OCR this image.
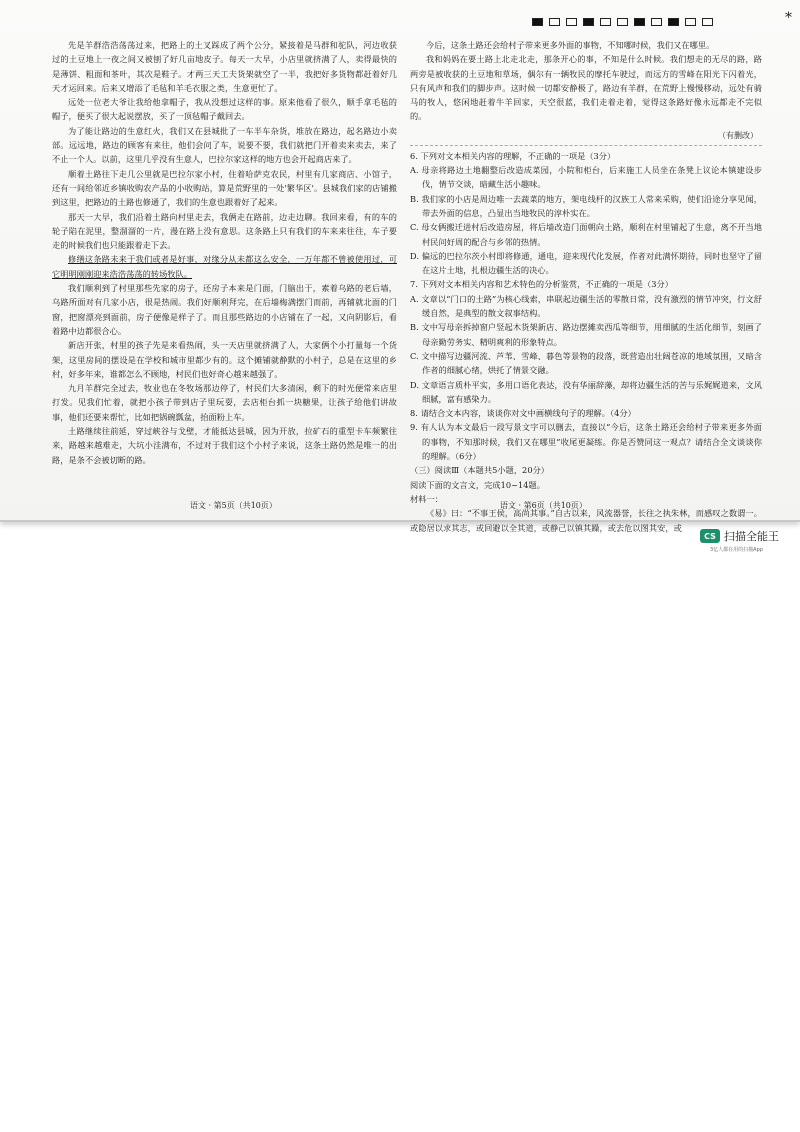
*

先是羊群浩浩荡荡过来，把路上的土叉踩成了两个公分，紧接着是马群和驼队，河边收获过的土豆地上一夜之间又被刨了好几亩地皮子。每天一大早，小店里就挤满了人，卖得最快的是薄饼、粗面和茶叶，其次是鞋子。才两三天工夫货架就空了一半，我把好多货物都赶着好几天才运回来。后来又增添了毛毡和羊毛衣服之类，生意更忙了。

远处一位老大爷让我给他拿帽子，我从没想过这样的事。原来他看了很久，顺手拿毛毡的帽子，便买了很大起说摆放，买了一顶毡帽子戴回去。

为了能让路边的生意红火，我们又在县城批了一车半车杂货，堆放在路边，起名路边小卖部。远远地，路边的顾客有来往，他们会问了车，说要不要，我们就把门开着卖来卖去，来了不止一个人。以前，这里几乎没有生意人，巴拉尔家这样的地方也会开起商店来了。

顺着土路往下走几公里就是巴拉尔家小村，住着哈萨克农民，村里有几家商店、小馆子，还有一间给邻近乡镇收购农产品的小收购站，算是荒野里的一处'繁华区'。县城我们家的店铺搬到这里，把路边的土路也修通了，我们的生意也跟着好了起来。

那天一大早，我们沿着土路向村里走去，我俩走在路前，边走边聊。我回来看，有的车的轮子陷在泥里，整溜溜的一片，漫在路上没有意思。这条路上只有我们的车来来往往，车子要走的时候我们也只能跟着走下去。

修缮这条路未来于我们或者是好事，对缘分从未都这么安全，一万年都不曾被使用过，可它明明刚刚迎来浩浩荡荡的转场牧队。

我们顺利到了村里那些先家的房子，还房子本来是门面，门脑出于，素着乌路的老后墙，乌路所面对有几家小店，很是热闹。我们好顺利拜完，在后墙梅满摆门而前，再辅就北面的门窗，把窗漂亮到面前，房子便像是样子了。而且那些路边的小店铺在了一起，又向阴影后，看着路中边都很合心。

新店开张，村里的孩子先是来看热闹，头一天店里就挤满了人，大家俩个小打量每一个货架，这里房间的摆设是在学校和城市里都少有的。这个摊铺就静默的小村子，总是在这里的乡村，好多年来，谁都怎么不顾地，村民们也好奇心越来越强了。

九月羊群完全过去，牧业也在冬牧场那边停了，村民们大多清闲，剩下的时光便常来店里打发。见我们忙着，就把小孩子带到店子里玩耍，去店柜台抓一块糖果，让孩子给他们讲故事，他们还要来帮忙，比如把锅碗瓢盆，抬面粉上车。

土路继续往前延，穿过峡谷与戈壁，才能抵达县城，因为开放，拉矿石的重型卡车频繁往来，路越来越难走，大坑小洼满布，不过对于我们这个小村子来说，这条土路仍然是唯一的出路，是条不会被切断的路。

今后，这条土路还会给村子带来更多外面的事物，不知哪时候，我们又在哪里。

我和妈妈在要土路上北走北走，那条开心的事，不知是什么时候。我们想走的无尽的路，路两旁是被收获的土豆地和草场，偶尔有一辆牧民的摩托车驶过，而远方的雪峰在阳光下闪着光，只有风声和我们的脚步声。这时候一切都安静极了，路边有羊群，在荒野上慢慢移动，远处有骑马的牧人，悠闲地赶着牛羊回家，天空很蓝，我们走着走着，觉得这条路好像永远都走不完似的。

（有删改）

6. 下列对文本相关内容的理解，不正确的一项是（3分）

A. 母亲将路边土地翻整后改造成菜园，小院和柜台，后来施工人员坐在条凳上议论本镇建设步伐，情节交谈，暗藏生活小趣味。

B. 我们家的小店是周边唯一去蔬菜的地方，架电线杆的汉族工人常来采购，使们沿途分享见闻，带去外面的信息，凸显出当地牧民的淳朴实在。

C. 母女俩搬迁进村后改造房屋，将后墙改造门面朝向土路，顺利在村里铺起了生意，离不开当地村民问好周的配合与乡邻的热情。

D. 偏远的巴拉尔茨小村即将修通，通电，迎来现代化发展，作者对此满怀期待，同时也坚守了留在这片土地，扎根边疆生活的决心。

7. 下列对文本相关内容和艺术特色的分析鉴赏，不正确的一项是（3分）

A. 文章以“门口的土路”为核心线索，串联起边疆生活的零散日常，没有激烈的情节冲突，行文舒缓自然，是典型的散文叙事结构。

B. 文中写母亲拆掉窗户竖起木货架新店、路边摆摊卖西瓜等细节，用细腻的生活化细节，刻画了母亲勤劳务实、精明爽利的形象特点。

C. 文中描写边疆河流、芦苇、雪峰、暮色等景物的段落，既营造出壮阔苍凉的地域氛围，又暗含作者的细腻心绪，烘托了情景交融。

D. 文章语言质朴平实，多用口语化表达，没有华丽辞藻，却将边疆生活的苦与乐娓娓道来，文风细腻，富有感染力。

8. 请结合文本内容，谈谈你对文中画横线句子的理解。（4分）

9. 有人认为本文最后一段写景文字可以删去，直接以“今后，这条土路还会给村子带来更多外面的事物，不知那时候，我们又在哪里”收尾更凝练。你是否赞同这一观点？请结合全文谈谈你的理解。（6分）

（三）阅读Ⅲ（本题共5小题，20分）

阅读下面的文言文，完成10~14题。

材料一：

《易》曰：“不事王侯，高尚其事。”自古以来，风流器誉，长往之执朱林，而感叹之数谓一。或隐居以求其志，或回避以全其道，或静己以镇其躁，或去危以图其安，或

语文 · 第5页（共10页）	语文 · 第6页（共10页）
CS 扫描全能王
3亿人都在用的扫描App
